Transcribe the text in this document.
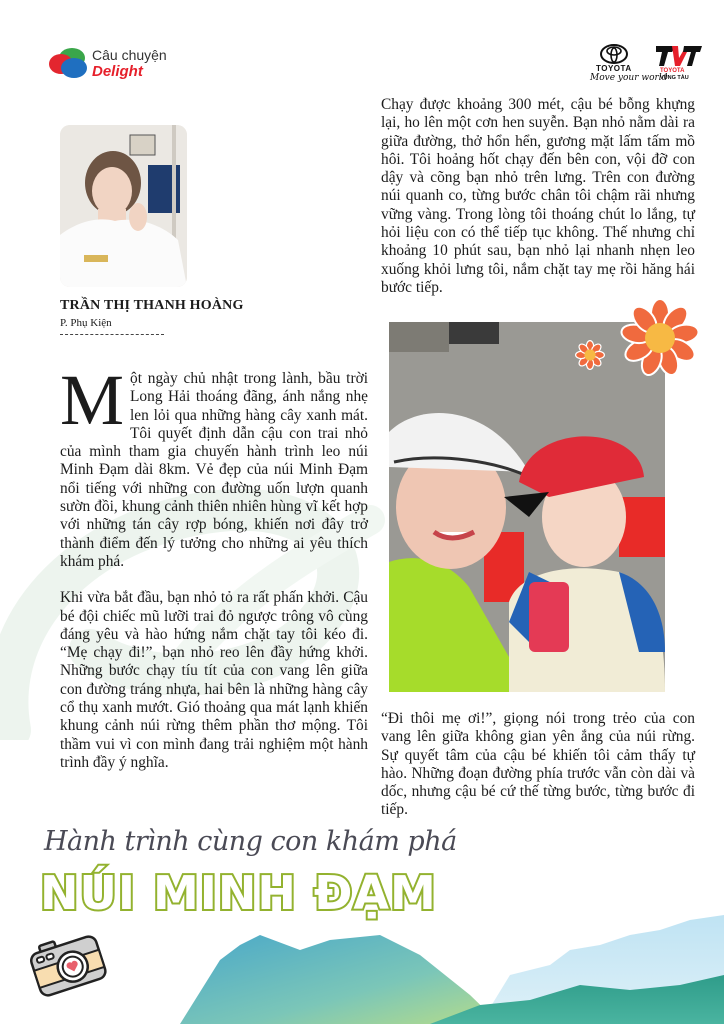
Câu chuyện
Delight	TOYOTA
Move your world
TOYOTA
VŨNG TÀU
TRẦN THỊ THANH HOÀNG
P. Phụ Kiện

Một ngày chủ nhật trong lành, bầu trời Long Hải thoáng đãng, ánh nắng nhẹ len lỏi qua những hàng cây xanh mát. Tôi quyết định dẫn cậu con trai nhỏ của mình tham gia chuyến hành trình leo núi Minh Đạm dài 8km. Vẻ đẹp của núi Minh Đạm nổi tiếng với những con đường uốn lượn quanh sườn đồi, khung cảnh thiên nhiên hùng vĩ kết hợp với những tán cây rợp bóng, khiến nơi đây trở thành điểm đến lý tưởng cho những ai yêu thích khám phá.

Khi vừa bắt đầu, bạn nhỏ tỏ ra rất phấn khởi. Cậu bé đội chiếc mũ lưỡi trai đỏ ngược trông vô cùng đáng yêu và hào hứng nắm chặt tay tôi kéo đi. “Mẹ chạy đi!”, bạn nhỏ reo lên đầy hứng khởi. Những bước chạy tíu tít của con vang lên giữa con đường tráng nhựa, hai bên là những hàng cây cổ thụ xanh mướt. Gió thoảng qua mát lạnh khiến khung cảnh núi rừng thêm phần thơ mộng. Tôi thầm vui vì con mình đang trải nghiệm một hành trình đầy ý nghĩa.

Chạy được khoảng 300 mét, cậu bé bỗng khựng lại, ho lên một cơn hen suyễn. Bạn nhỏ nằm dài ra giữa đường, thở hổn hển, gương mặt lấm tấm mồ hôi. Tôi hoảng hốt chạy đến bên con, vội đỡ con dậy và cõng bạn nhỏ trên lưng. Trên con đường núi quanh co, từng bước chân tôi chậm rãi nhưng vững vàng. Trong lòng tôi thoáng chút lo lắng, tự hỏi liệu con có thể tiếp tục không. Thế nhưng chỉ khoảng 10 phút sau, bạn nhỏ lại nhanh nhẹn leo xuống khỏi lưng tôi, nắm chặt tay mẹ rồi hăng hái bước tiếp.

“Đi thôi mẹ ơi!”, giọng nói trong trẻo của con vang lên giữa không gian yên ắng của núi rừng. Sự quyết tâm của cậu bé khiến tôi cảm thấy tự hào. Những đoạn đường phía trước vẫn còn dài và dốc, nhưng cậu bé cứ thế từng bước, từng bước đi tiếp.

Hành trình cùng con khám phá
NÚI MINH ĐẠM
